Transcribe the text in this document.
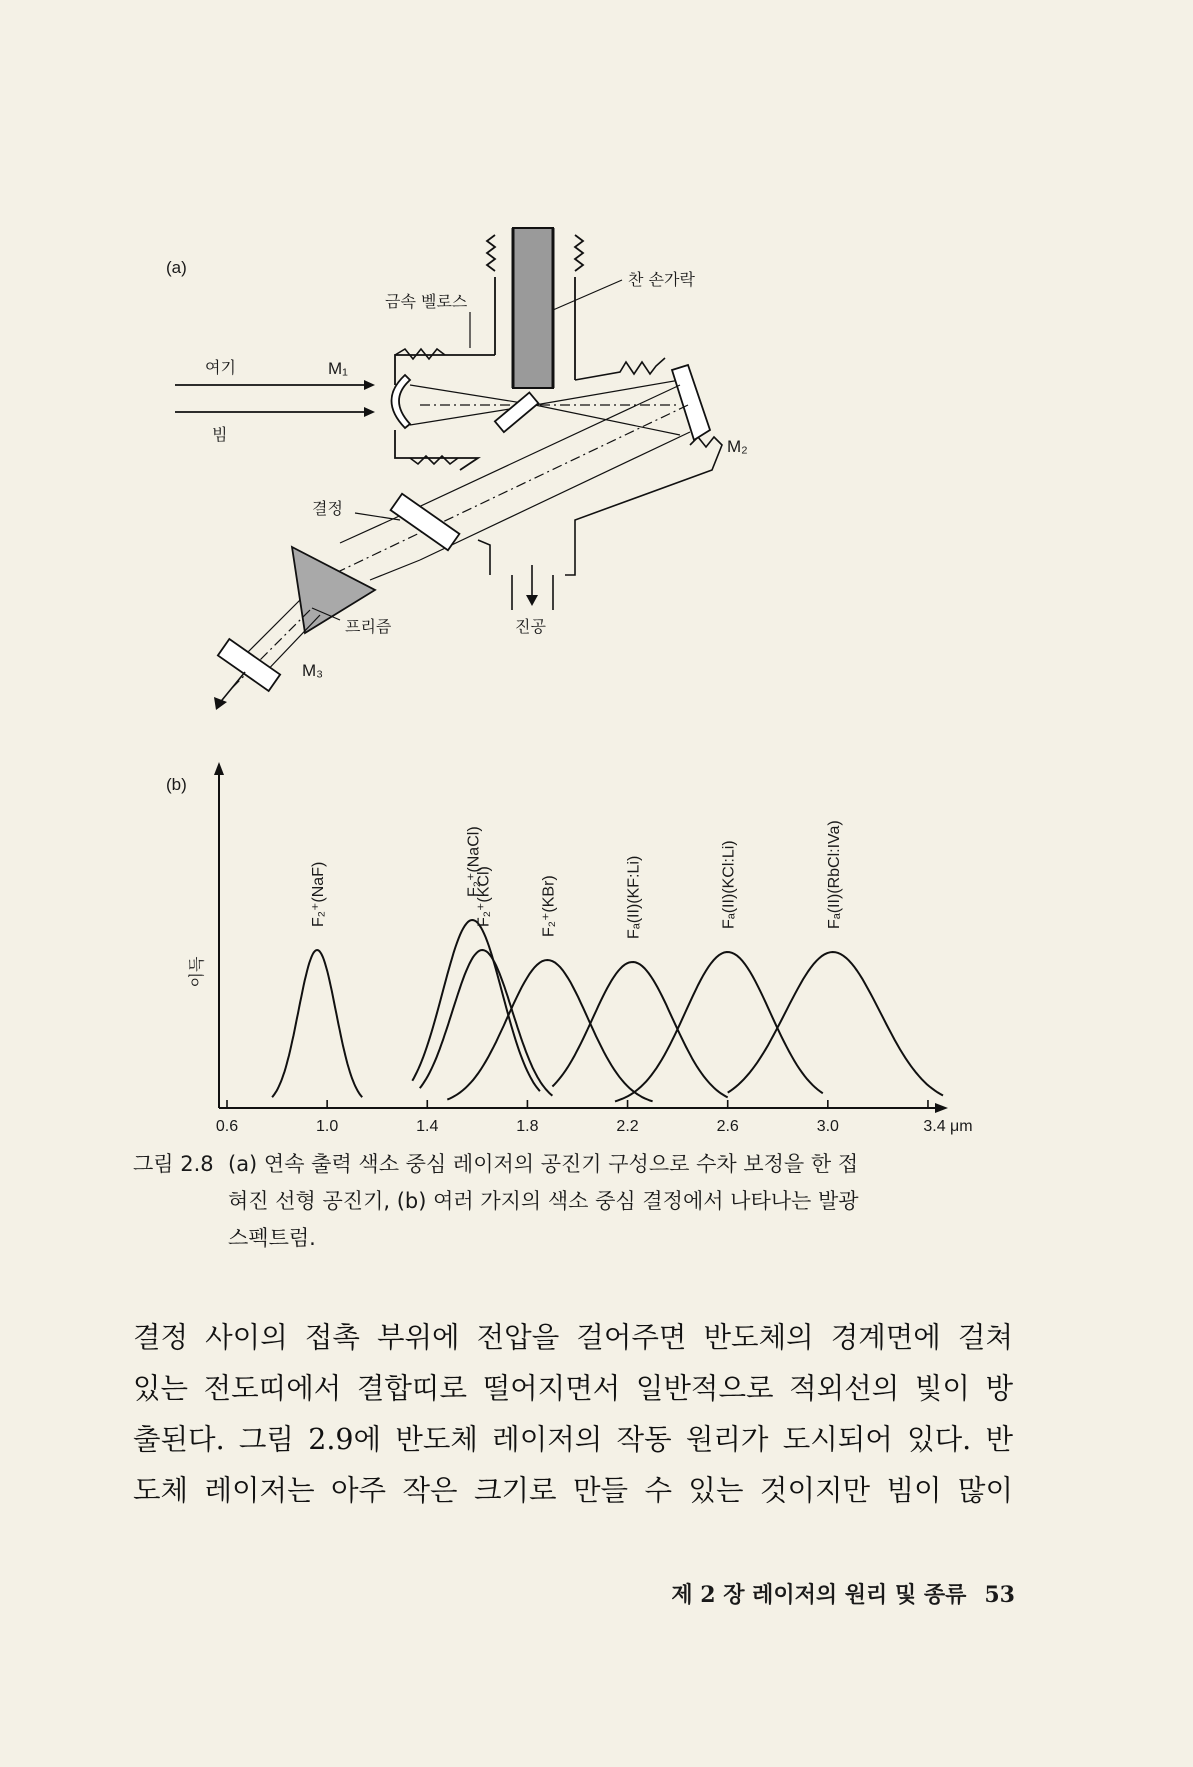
(a)
금속 벨로스
찬 손가락
여기
빔
M₁
M₂
M₃
결정
프리즘	진공
(b)
이득
0.6	1.0	1.4	1.8	2.2	2.6	3.0	3.4 μm
F₂⁺(NaF)	F₂⁺(NaCl)
F₂⁺(KCl)	F₂⁺(KBr)	Fₐ(II)(KF:Li)	Fₐ(II)(KCl:Li)	Fₐ(II)(RbCl:IVa)
그림 2.8 (a) 연속 출력 색소 중심 레이저의 공진기 구성으로 수차 보정을 한 접
혀진 선형 공진기, (b) 여러 가지의 색소 중심 결정에서 나타나는 발광
스펙트럼.

결정 사이의 접촉 부위에 전압을 걸어주면 반도체의 경계면에 걸쳐

있는 전도띠에서 결합띠로 떨어지면서 일반적으로 적외선의 빛이 방

출된다. 그림 2.9에 반도체 레이저의 작동 원리가 도시되어 있다. 반

도체 레이저는 아주 작은 크기로 만들 수 있는 것이지만 빔이 많이

제 2 장 레이저의 원리 및 종류 53
